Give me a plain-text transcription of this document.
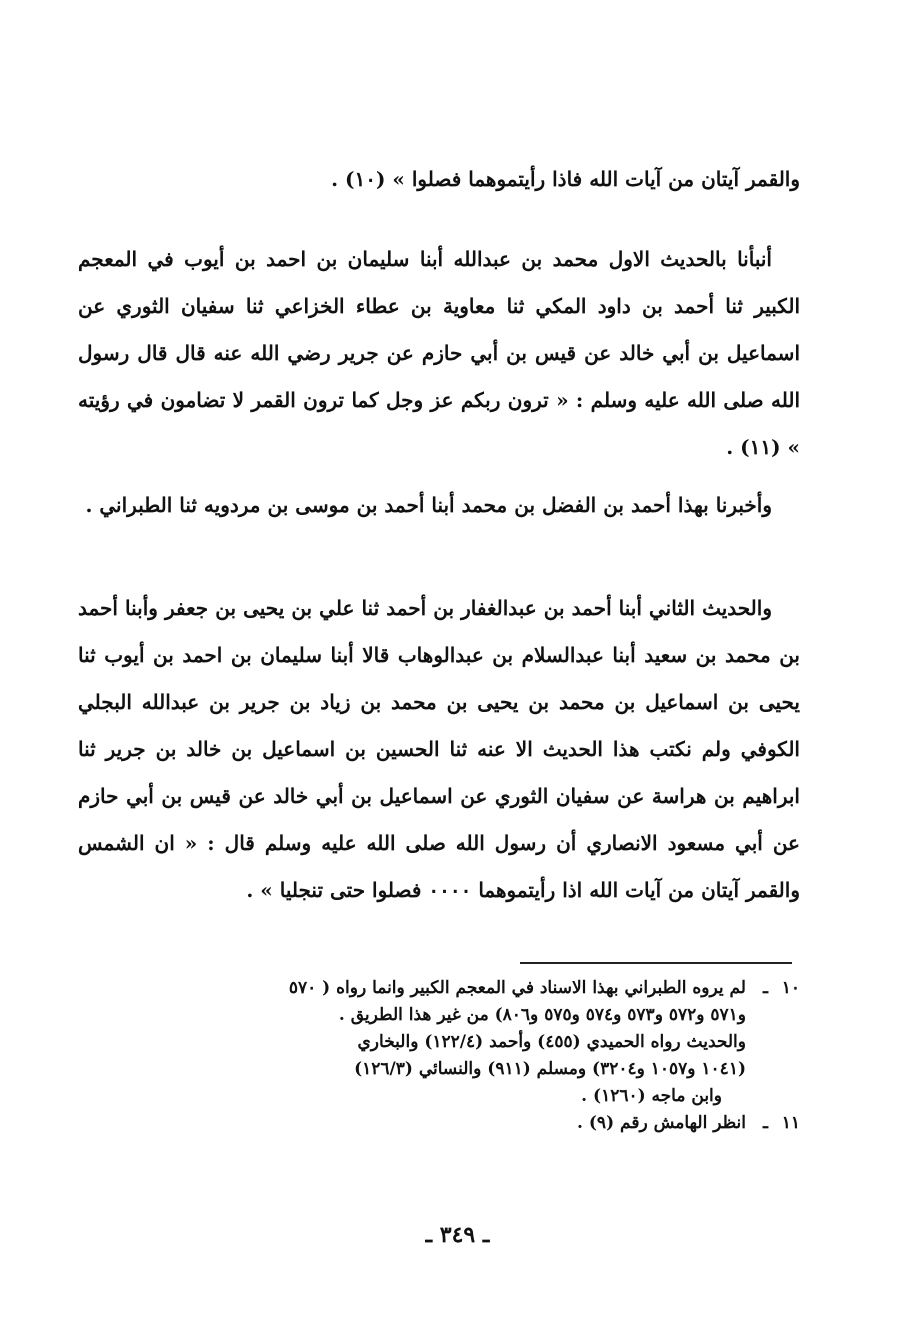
والقمر آيتان من آيات الله فاذا رأيتموهما فصلوا » (١٠) .

أنبأنا بالحديث الاول محمد بن عبدالله أبنا سليمان بن احمد بن أيوب في المعجم الكبير ثنا أحمد بن داود المكي ثنا معاوية بن عطاء الخزاعي ثنا سفيان الثوري عن اسماعيل بن أبي خالد عن قيس بن أبي حازم عن جرير رضي الله عنه قال قال رسول الله صلى الله عليه وسلم : « ترون ربكم عز وجل كما ترون القمر لا تضامون في رؤيته » (١١) .

وأخبرنا بهذا أحمد بن الفضل بن محمد أبنا أحمد بن موسى بن مردويه ثنا الطبراني .

والحديث الثاني أبنا أحمد بن عبدالغفار بن أحمد ثنا علي بن يحيى بن جعفر وأبنا أحمد بن محمد بن سعيد أبنا عبدالسلام بن عبدالوهاب قالا أبنا سليمان بن احمد بن أيوب ثنا يحيى بن اسماعيل بن محمد بن يحيى بن محمد بن زياد بن جرير بن عبدالله البجلي الكوفي ولم نكتب هذا الحديث الا عنه ثنا الحسين بن اسماعيل بن خالد بن جرير ثنا ابراهيم بن هراسة عن سفيان الثوري عن اسماعيل بن أبي خالد عن قيس بن أبي حازم عن أبي مسعود الانصاري أن رسول الله صلى الله عليه وسلم قال : « ان الشمس والقمر آيتان من آيات الله اذا رأيتموهما ٠٠٠٠ فصلوا حتى تنجليا » .

١٠
ـ
لم يروه الطبراني بهذا الاسناد في المعجم الكبير وانما رواه ( ٥٧٠
و٥٧١ و٥٧٢ و٥٧٣ و٥٧٤ و٥٧٥ و٨٠٦) من غير هذا الطريق .
والحديث رواه الحميدي (٤٥٥) وأحمد (١٢٢/٤) والبخاري
(١٠٤١ و١٠٥٧ و٣٢٠٤) ومسلم (٩١١) والنسائي (١٢٦/٣)
وابن ماجه (١٢٦٠) .
١١
ـ
انظر الهامش رقم (٩) .
ـ ٣٤٩ ـ
